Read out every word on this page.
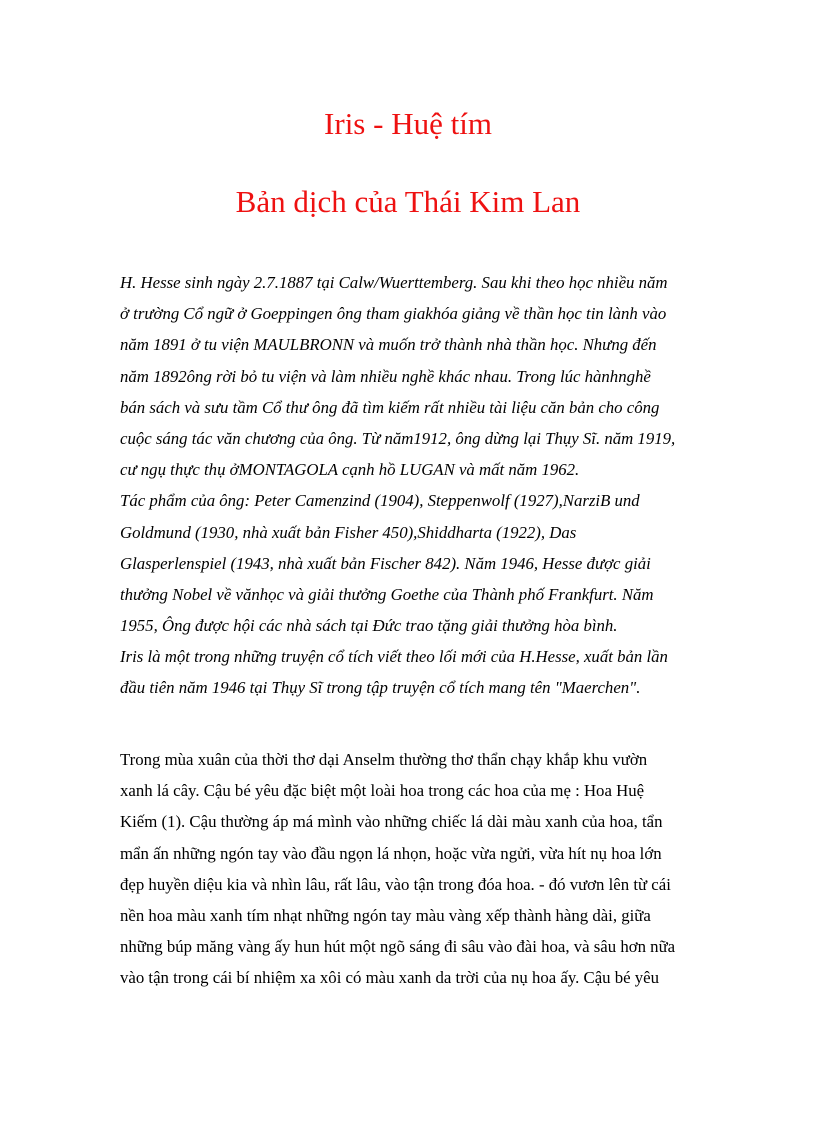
Iris - Huệ tím
Bản dịch của Thái Kim Lan
H. Hesse sinh ngày 2.7.1887 tại Calw/Wuerttemberg. Sau khi theo học nhiều năm
ở trường Cổ ngữ ở Goeppingen ông tham giakhóa giảng về thần học tin lành vào
năm 1891 ở tu viện MAULBRONN và muốn trở thành nhà thần học. Nhưng đến
năm 1892ông rời bỏ tu viện và làm nhiều nghề khác nhau. Trong lúc hànhnghề
bán sách và sưu tầm Cổ thư ông đã tìm kiếm rất nhiều tài liệu căn bản cho công
cuộc sáng tác văn chương của ông. Từ năm1912, ông dừng lại Thụy Sĩ. năm 1919,
cư ngụ thực thụ ởMONTAGOLA cạnh hồ LUGAN và mất năm 1962.
Tác phẩm của ông: Peter Camenzind (1904), Steppenwolf (1927),NarziB und
Goldmund (1930, nhà xuất bản Fisher 450),Shiddharta (1922), Das
Glasperlenspiel (1943, nhà xuất bản Fischer 842). Năm 1946, Hesse được giải
thưởng Nobel về vănhọc và giải thưởng Goethe của Thành phố Frankfurt. Năm
1955, Ông được hội các nhà sách tại Đức trao tặng giải thưởng hòa bình.
Iris là một trong những truyện cổ tích viết theo lối mới của H.Hesse, xuất bản lần
đầu tiên năm 1946 tại Thụy Sĩ trong tập truyện cổ tích mang tên "Maerchen".
Trong mùa xuân của thời thơ dại Anselm thường thơ thẩn chạy khắp khu vườn
xanh lá cây. Cậu bé yêu đặc biệt một loài hoa trong các hoa của mẹ : Hoa Huệ
Kiếm (1). Cậu thường áp má mình vào những chiếc lá dài màu xanh của hoa, tẩn
mẩn ấn những ngón tay vào đầu ngọn lá nhọn, hoặc vừa ngửi, vừa hít nụ hoa lớn
đẹp huyền diệu kia và nhìn lâu, rất lâu, vào tận trong đóa hoa. - đó vươn lên từ cái
nền hoa màu xanh tím nhạt những ngón tay màu vàng xếp thành hàng dài, giữa
những búp măng vàng ấy hun hút một ngõ sáng đi sâu vào đài hoa, và sâu hơn nữa
vào tận trong cái bí nhiệm xa xôi có màu xanh da trời của nụ hoa ấy. Cậu bé yêu
